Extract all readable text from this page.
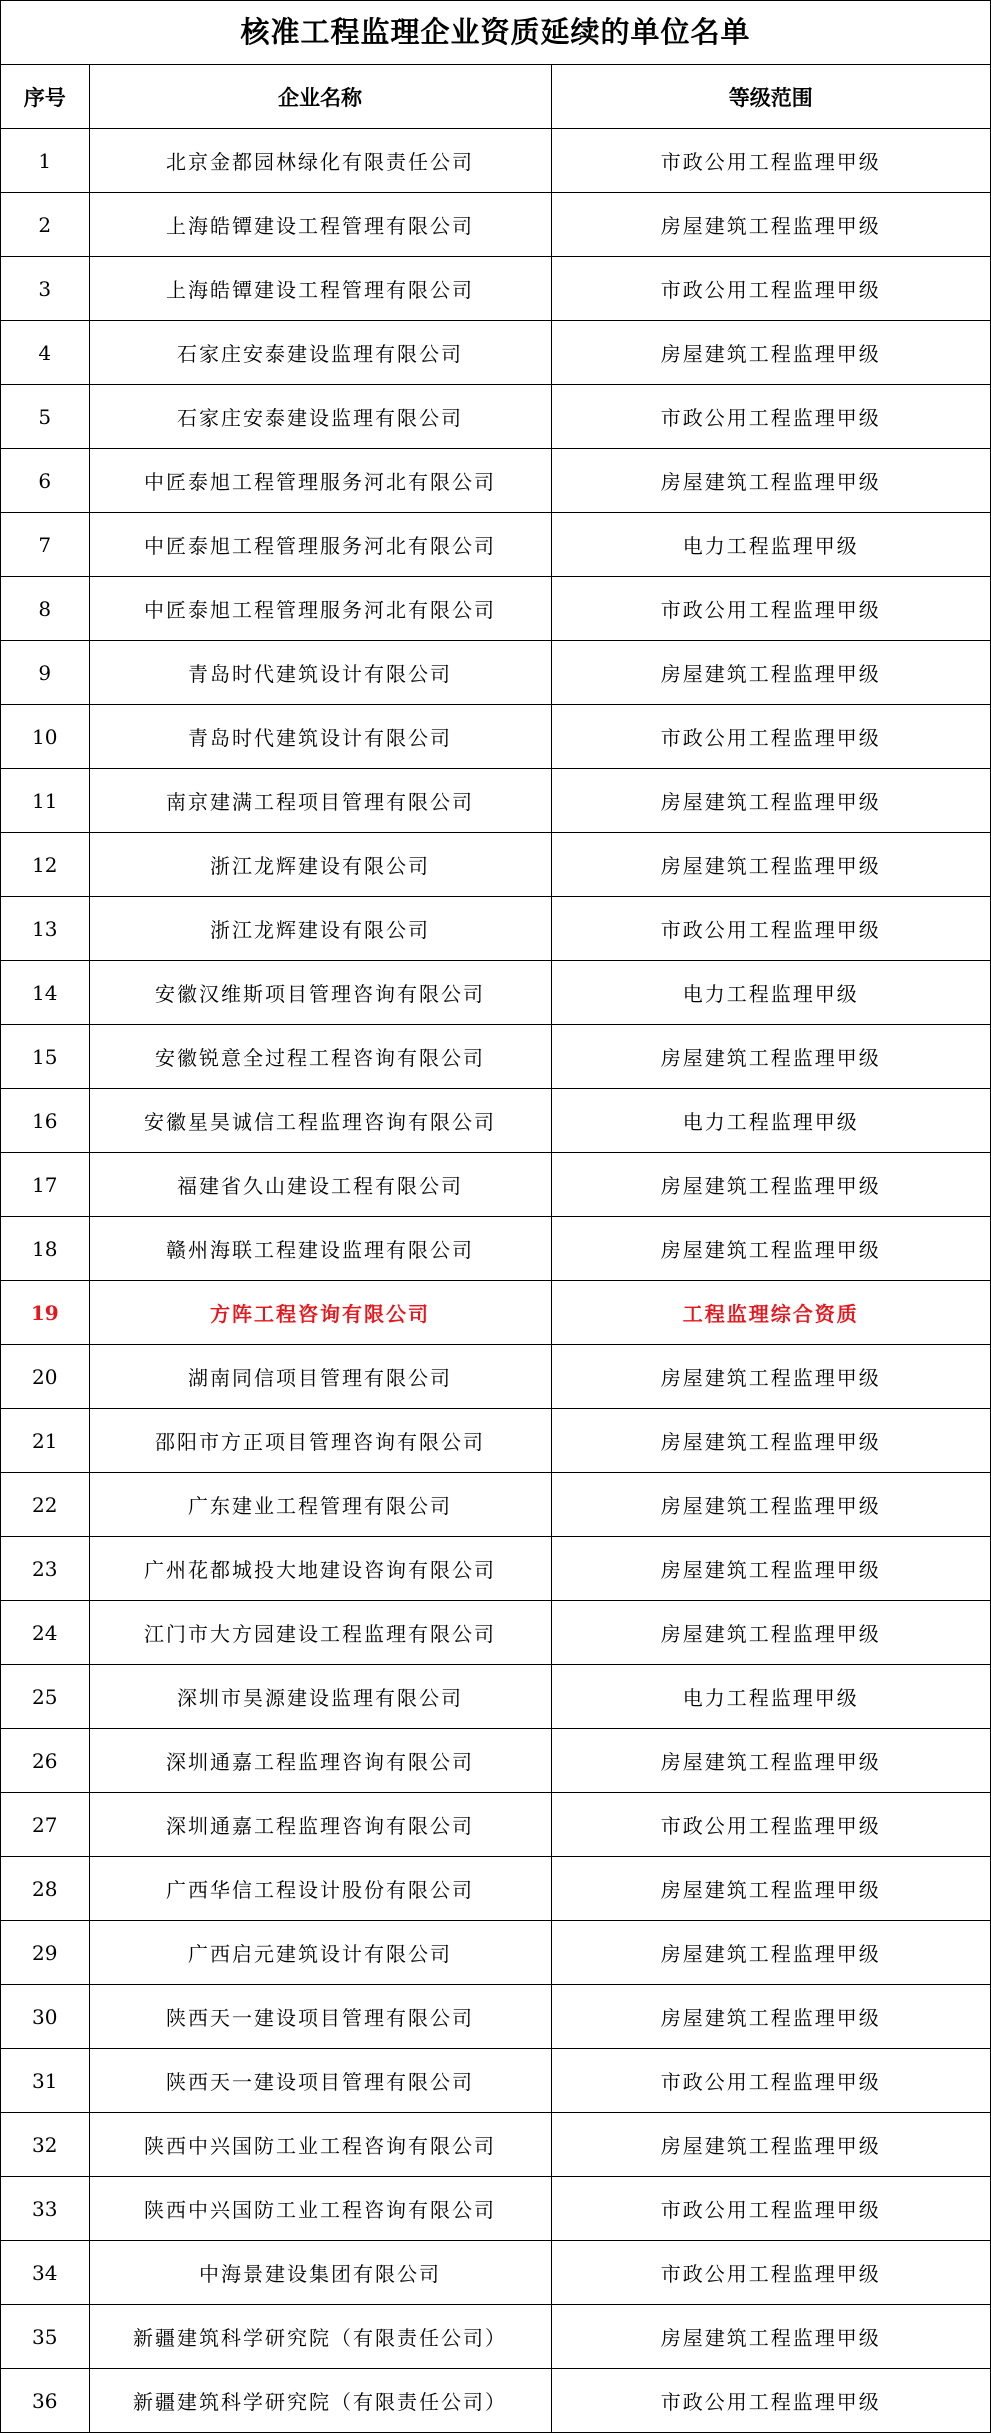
核准工程监理企业资质延续的单位名单
序号	企业名称	等级范围
1	北京金都园林绿化有限责任公司	市政公用工程监理甲级
2	上海皓镡建设工程管理有限公司	房屋建筑工程监理甲级
3	上海皓镡建设工程管理有限公司	市政公用工程监理甲级
4	石家庄安泰建设监理有限公司	房屋建筑工程监理甲级
5	石家庄安泰建设监理有限公司	市政公用工程监理甲级
6	中匠泰旭工程管理服务河北有限公司	房屋建筑工程监理甲级
7	中匠泰旭工程管理服务河北有限公司	电力工程监理甲级
8	中匠泰旭工程管理服务河北有限公司	市政公用工程监理甲级
9	青岛时代建筑设计有限公司	房屋建筑工程监理甲级
10	青岛时代建筑设计有限公司	市政公用工程监理甲级
11	南京建满工程项目管理有限公司	房屋建筑工程监理甲级
12	浙江龙辉建设有限公司	房屋建筑工程监理甲级
13	浙江龙辉建设有限公司	市政公用工程监理甲级
14	安徽汉维斯项目管理咨询有限公司	电力工程监理甲级
15	安徽锐意全过程工程咨询有限公司	房屋建筑工程监理甲级
16	安徽星昊诚信工程监理咨询有限公司	电力工程监理甲级
17	福建省久山建设工程有限公司	房屋建筑工程监理甲级
18	赣州海联工程建设监理有限公司	房屋建筑工程监理甲级
19	方阵工程咨询有限公司	工程监理综合资质
20	湖南同信项目管理有限公司	房屋建筑工程监理甲级
21	邵阳市方正项目管理咨询有限公司	房屋建筑工程监理甲级
22	广东建业工程管理有限公司	房屋建筑工程监理甲级
23	广州花都城投大地建设咨询有限公司	房屋建筑工程监理甲级
24	江门市大方园建设工程监理有限公司	房屋建筑工程监理甲级
25	深圳市昊源建设监理有限公司	电力工程监理甲级
26	深圳通嘉工程监理咨询有限公司	房屋建筑工程监理甲级
27	深圳通嘉工程监理咨询有限公司	市政公用工程监理甲级
28	广西华信工程设计股份有限公司	房屋建筑工程监理甲级
29	广西启元建筑设计有限公司	房屋建筑工程监理甲级
30	陕西天一建设项目管理有限公司	房屋建筑工程监理甲级
31	陕西天一建设项目管理有限公司	市政公用工程监理甲级
32	陕西中兴国防工业工程咨询有限公司	房屋建筑工程监理甲级
33	陕西中兴国防工业工程咨询有限公司	市政公用工程监理甲级
34	中海景建设集团有限公司	市政公用工程监理甲级
35	新疆建筑科学研究院（有限责任公司）	房屋建筑工程监理甲级
36	新疆建筑科学研究院（有限责任公司）	市政公用工程监理甲级
